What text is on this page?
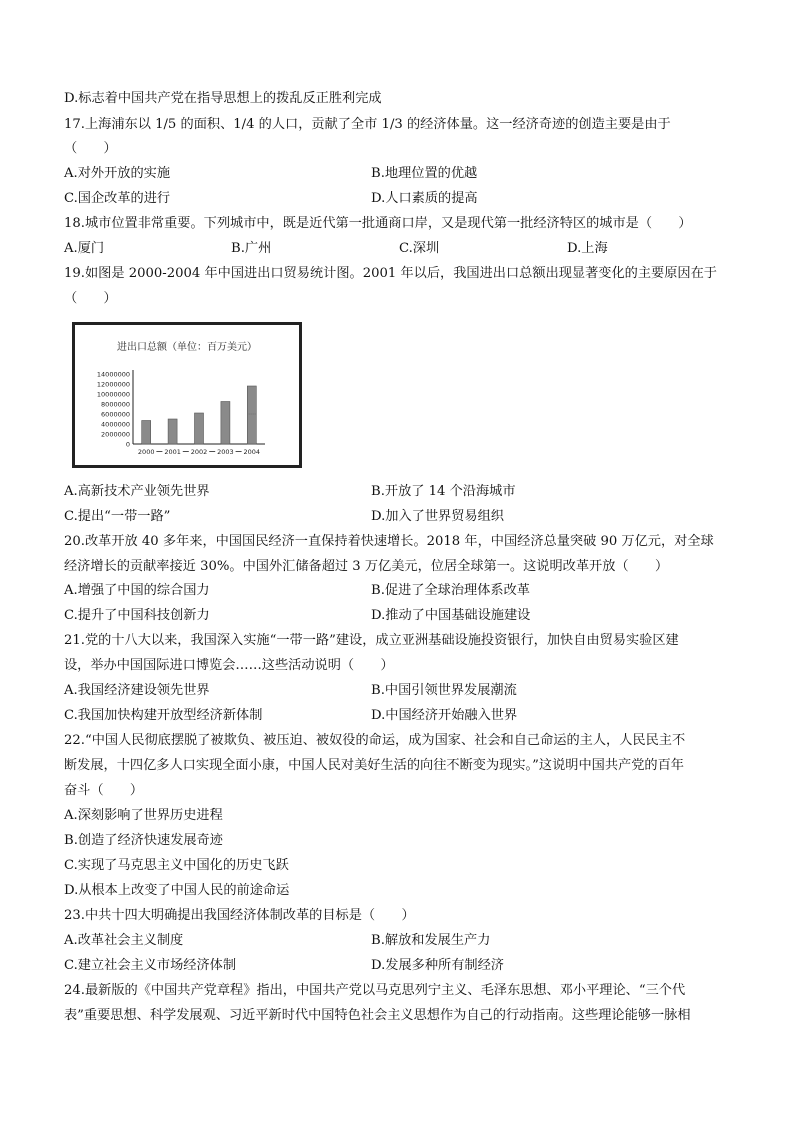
D.标志着中国共产党在指导思想上的拨乱反正胜利完成
17.上海浦东以 1/5 的面积、1/4 的人口，贡献了全市 1/3 的经济体量。这一经济奇迹的创造主要是由于
（　　）
A.对外开放的实施	B.地理位置的优越
C.国企改革的进行	D.人口素质的提高
18.城市位置非常重要。下列城市中，既是近代第一批通商口岸，又是现代第一批经济特区的城市是（　　）
A.厦门	B.广州	C.深圳	D.上海
19.如图是 2000-2004 年中国进出口贸易统计图。2001 年以后，我国进出口总额出现显著变化的主要原因在于
（　　）
进出口总额（单位：百万美元）
0
2000000
4000000
6000000
8000000
10000000
12000000
14000000
2000 2001 2002 2003 2004
A.高新技术产业领先世界	B.开放了 14 个沿海城市
C.提出“一带一路”	D.加入了世界贸易组织
20.改革开放 40 多年来，中国国民经济一直保持着快速增长。2018 年，中国经济总量突破 90 万亿元，对全球
经济增长的贡献率接近 30%。中国外汇储备超过 3 万亿美元，位居全球第一。这说明改革开放（　　）
A.增强了中国的综合国力	B.促进了全球治理体系改革
C.提升了中国科技创新力	D.推动了中国基础设施建设
21.党的十八大以来，我国深入实施“一带一路”建设，成立亚洲基础设施投资银行，加快自由贸易实验区建
设，举办中国国际进口博览会……这些活动说明（　　）
A.我国经济建设领先世界	B.中国引领世界发展潮流
C.我国加快构建开放型经济新体制	D.中国经济开始融入世界
22.“中国人民彻底摆脱了被欺负、被压迫、被奴役的命运，成为国家、社会和自己命运的主人，人民民主不
断发展，十四亿多人口实现全面小康，中国人民对美好生活的向往不断变为现实。”这说明中国共产党的百年
奋斗（　　）
A.深刻影响了世界历史进程
B.创造了经济快速发展奇迹
C.实现了马克思主义中国化的历史飞跃
D.从根本上改变了中国人民的前途命运
23.中共十四大明确提出我国经济体制改革的目标是（　　）
A.改革社会主义制度	B.解放和发展生产力
C.建立社会主义市场经济体制	D.发展多种所有制经济
24.最新版的《中国共产党章程》指出，中国共产党以马克思列宁主义、毛泽东思想、邓小平理论、“三个代
表”重要思想、科学发展观、习近平新时代中国特色社会主义思想作为自己的行动指南。这些理论能够一脉相
